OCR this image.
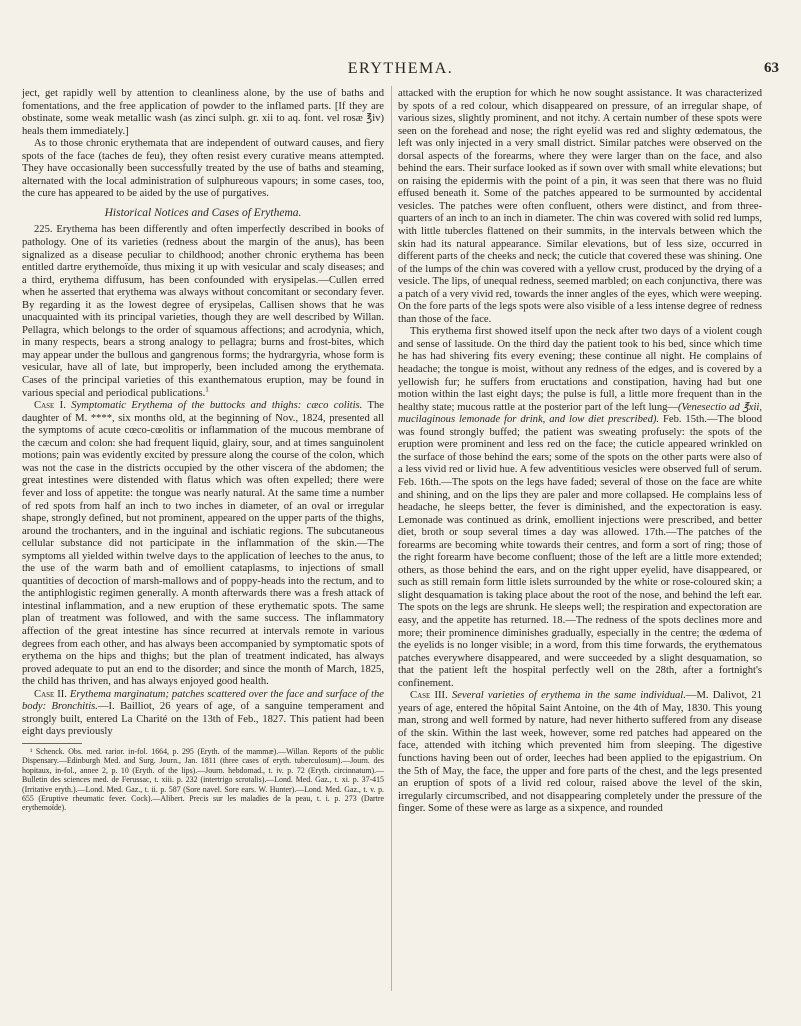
ERYTHEMA.	63

ject, get rapidly well by attention to cleanliness alone, by the use of baths and fomentations, and the free application of powder to the inflamed parts. [If they are obstinate, some weak metallic wash (as zinci sulph. gr. xii to aq. font. vel rosæ ℥iv) heals them immediately.]

As to those chronic erythemata that are independent of outward causes, and fiery spots of the face (taches de feu), they often resist every curative means attempted. They have occasionally been successfully treated by the use of baths and steaming, alternated with the local administration of sulphureous vapours; in some cases, too, the cure has appeared to be aided by the use of purgatives.

Historical Notices and Cases of Erythema.

225. Erythema has been differently and often imperfectly described in books of pathology. One of its varieties (redness about the margin of the anus), has been signalized as a disease peculiar to childhood; another chronic erythema has been entitled dartre erythemoïde, thus mixing it up with vesicular and scaly diseases; and a third, erythema diffusum, has been confounded with erysipelas.—Cullen erred when he asserted that erythema was always without concomitant or secondary fever. By regarding it as the lowest degree of erysipelas, Callisen shows that he was unacquainted with its principal varieties, though they are well described by Willan. Pellagra, which belongs to the order of squamous affections; and acrodynia, which, in many respects, bears a strong analogy to pellagra; burns and frost-bites, which may appear under the bullous and gangrenous forms; the hydrargyria, whose form is vesicular, have all of late, but improperly, been included among the erythemata. Cases of the principal varieties of this exanthematous eruption, may be found in various special and periodical publications.$^1$

Case I. Symptomatic Erythema of the buttocks and thighs: cæco colitis. The daughter of M. ****, six months old, at the beginning of Nov., 1824, presented all the symptoms of acute cœco-cœolitis or inflammation of the mucous membrane of the cæcum and colon: she had frequent liquid, glairy, sour, and at times sanguinolent motions; pain was evidently excited by pressure along the course of the colon, which was not the case in the districts occupied by the other viscera of the abdomen; the great intestines were distended with flatus which was often expelled; there were fever and loss of appetite: the tongue was nearly natural. At the same time a number of red spots from half an inch to two inches in diameter, of an oval or irregular shape, strongly defined, but not prominent, appeared on the upper parts of the thighs, around the trochanters, and in the inguinal and ischiatic regions. The subcutaneous cellular substance did not participate in the inflammation of the skin.—The symptoms all yielded within twelve days to the application of leeches to the anus, to the use of the warm bath and of emollient cataplasms, to injections of small quantities of decoction of marsh-mallows and of poppy-heads into the rectum, and to the antiphlogistic regimen generally. A month afterwards there was a fresh attack of intestinal inflammation, and a new eruption of these erythematic spots. The same plan of treatment was followed, and with the same success. The inflammatory affection of the great intestine has since recurred at intervals remote in various degrees from each other, and has always been accompanied by symptomatic spots of erythema on the hips and thighs; but the plan of treatment indicated, has always proved adequate to put an end to the disorder; and since the month of March, 1825, the child has thriven, and has always enjoyed good health.

Case II. Erythema marginatum; patches scattered over the face and surface of the body: Bronchitis.—I. Bailliot, 26 years of age, of a sanguine temperament and strongly built, entered La Charité on the 13th of Feb., 1827. This patient had been eight days previously

¹ Schenck. Obs. med. rarior. in-fol. 1664, p. 295 (Eryth. of the mammæ).—Willan. Reports of the public Dispensary.—Edinburgh Med. and Surg. Journ., Jan. 1811 (three cases of eryth. tuberculosum).—Journ. des hopitaux, in-fol., annee 2, p. 10 (Eryth. of the lips).—Journ. hebdomad., t. iv. p. 72 (Eryth. circinnatum).—Bulletin des sciences med. de Ferussac, t. xiii. p. 232 (intertrigo scrotalis).—Lond. Med. Gaz., t. xi. p. 37-415 (Irritative eryth.).—Lond. Med. Gaz., t. ii. p. 587 (Sore navel. Sore ears. W. Hunter).—Lond. Med. Gaz., t. v. p. 655 (Eruptive rheumatic fever. Cock).—Alibert. Precis sur les maladies de la peau, t. i. p. 273 (Dartre erythemoïde).

attacked with the eruption for which he now sought assistance. It was characterized by spots of a red colour, which disappeared on pressure, of an irregular shape, of various sizes, slightly prominent, and not itchy. A certain number of these spots were seen on the forehead and nose; the right eyelid was red and slighty œdematous, the left was only injected in a very small district. Similar patches were observed on the dorsal aspects of the forearms, where they were larger than on the face, and also behind the ears. Their surface looked as if sown over with small white elevations; but on raising the epidermis with the point of a pin, it was seen that there was no fluid effused beneath it. Some of the patches appeared to be surmounted by accidental vesicles. The patches were often confluent, others were distinct, and from three-quarters of an inch to an inch in diameter. The chin was covered with solid red lumps, with little tubercles flattened on their summits, in the intervals between which the skin had its natural appearance. Similar elevations, but of less size, occurred in different parts of the cheeks and neck; the cuticle that covered these was shining. One of the lumps of the chin was covered with a yellow crust, produced by the drying of a vesicle. The lips, of unequal redness, seemed marbled; on each conjunctiva, there was a patch of a very vivid red, towards the inner angles of the eyes, which were weeping. On the fore parts of the legs spots were also visible of a less intense degree of redness than those of the face.

This erythema first showed itself upon the neck after two days of a violent cough and sense of lassitude. On the third day the patient took to his bed, since which time he has had shivering fits every evening; these continue all night. He complains of headache; the tongue is moist, without any redness of the edges, and is covered by a yellowish fur; he suffers from eructations and constipation, having had but one motion within the last eight days; the pulse is full, a little more frequent than in the healthy state; mucous rattle at the posterior part of the left lung—(Venesectio ad ℥xii, mucilaginous lemonade for drink, and low diet prescribed). Feb. 15th.—The blood was found strongly buffed; the patient was sweating profusely: the spots of the eruption were prominent and less red on the face; the cuticle appeared wrinkled on the surface of those behind the ears; some of the spots on the other parts were also of a less vivid red or livid hue. A few adventitious vesicles were observed full of serum. Feb. 16th.—The spots on the legs have faded; several of those on the face are white and shining, and on the lips they are paler and more collapsed. He complains less of headache, he sleeps better, the fever is diminished, and the expectoration is easy. Lemonade was continued as drink, emollient injections were prescribed, and better diet, broth or soup several times a day was allowed. 17th.—The patches of the forearms are becoming white towards their centres, and form a sort of ring; those of the right forearm have become confluent; those of the left are a little more extended; others, as those behind the ears, and on the right upper eyelid, have disappeared, or such as still remain form little islets surrounded by the white or rose-coloured skin; a slight desquamation is taking place about the root of the nose, and behind the left ear. The spots on the legs are shrunk. He sleeps well; the respiration and expectoration are easy, and the appetite has returned. 18.—The redness of the spots declines more and more; their prominence diminishes gradually, especially in the centre; the œdema of the eyelids is no longer visible; in a word, from this time forwards, the erythematous patches everywhere disappeared, and were succeeded by a slight desquamation, so that the patient left the hospital perfectly well on the 28th, after a fortnight's confinement.

Case III. Several varieties of erythema in the same individual.—M. Dalivot, 21 years of age, entered the hôpital Saint Antoine, on the 4th of May, 1830. This young man, strong and well formed by nature, had never hitherto suffered from any disease of the skin. Within the last week, however, some red patches had appeared on the face, attended with itching which prevented him from sleeping. The digestive functions having been out of order, leeches had been applied to the epigastrium. On the 5th of May, the face, the upper and fore parts of the chest, and the legs presented an eruption of spots of a livid red colour, raised above the level of the skin, irregularly circumscribed, and not disappearing completely under the pressure of the finger. Some of these were as large as a sixpence, and rounded
